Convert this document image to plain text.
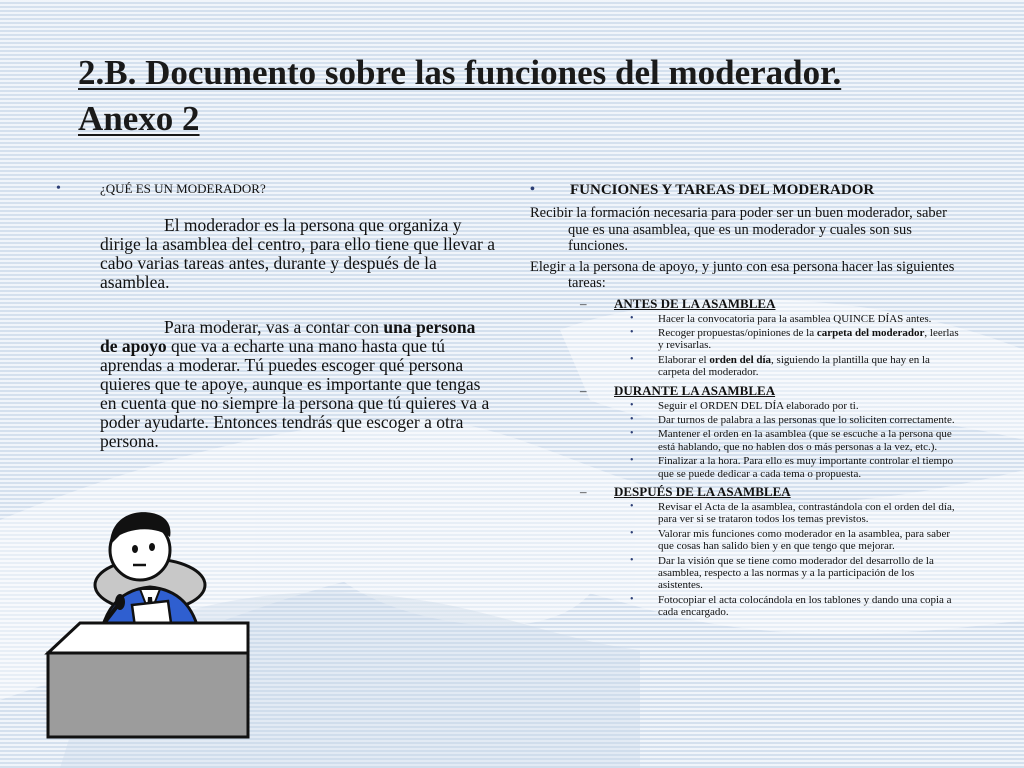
2.B. Documento sobre las funciones del moderador.
Anexo 2
•	¿QUÉ ES UN MODERADOR?
El moderador es la persona que organiza y dirige la asamblea del centro, para ello tiene que llevar a cabo varias tareas antes, durante y después de la asamblea.
Para moderar, vas a contar con una persona de apoyo que va a echarte una mano hasta que tú aprendas a moderar. Tú puedes escoger qué persona quieres que te apoye, aunque es importante que tengas en cuenta que no siempre la persona que tú quieres va a poder ayudarte. Entonces tendrás que escoger a otra persona.
•	FUNCIONES Y TAREAS DEL MODERADOR
Recibir la formación necesaria para poder ser un buen moderador, saber que es una asamblea, que es un moderador y cuales son sus funciones.
Elegir a la persona de apoyo, y junto con esa persona hacer las siguientes tareas:
–	ANTES DE LA ASAMBLEA
•	Hacer la convocatoria para la asamblea QUINCE DÍAS antes.
•	Recoger propuestas/opiniones de la carpeta del moderador, leerlas y revisarlas.
•	Elaborar el orden del día, siguiendo la plantilla que hay en la carpeta del moderador.
–	DURANTE LA ASAMBLEA
•	Seguir el ORDEN DEL DÍA elaborado por ti.
•	Dar turnos de palabra a las personas que lo soliciten correctamente.
•	Mantener el orden en la asamblea (que se escuche a la persona que está hablando, que no hablen dos o más personas a la vez, etc.).
•	Finalizar a la hora. Para ello es muy importante controlar el tiempo que se puede dedicar a cada tema o propuesta.
–	DESPUÉS DE LA ASAMBLEA
•	Revisar el Acta de la asamblea, contrastándola con el orden del día, para ver si se trataron todos los temas previstos.
•	Valorar mis funciones como moderador en la asamblea, para saber que cosas han salido bien y en que tengo que mejorar.
•	Dar la visión que se tiene como moderador del desarrollo de la asamblea, respecto a las normas y a la participación de los asistentes.
•	Fotocopiar el acta colocándola en los tablones y dando una copia a cada encargado.
